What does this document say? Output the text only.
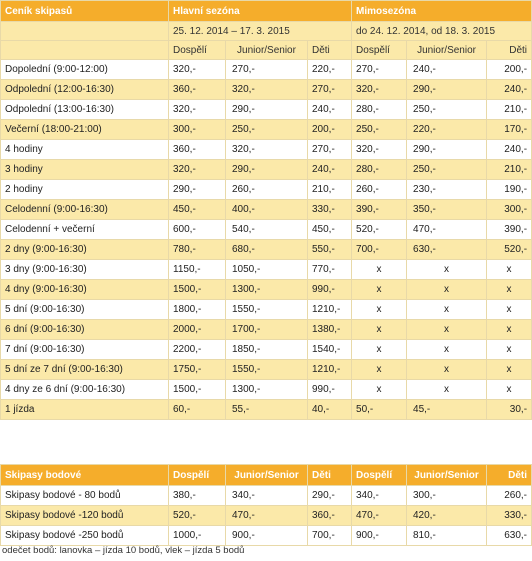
Ceník skipasů	Hlavní sezóna			Mimosezóna		
	25. 12. 2014 – 17. 3. 2015			do 24. 12. 2014, od 18. 3. 2015		
	Dospělí	Junior/Senior	Děti	Dospělí	Junior/Senior	Děti
Dopolední (9:00-12:00)	320,-	270,-	220,-	270,-	240,-	200,-
Odpolední (12:00-16:30)	360,-	320,-	270,-	320,-	290,-	240,-
Odpolední (13:00-16:30)	320,-	290,-	240,-	280,-	250,-	210,-
Večerní (18:00-21:00)	300,-	250,-	200,-	250,-	220,-	170,-
4 hodiny	360,-	320,-	270,-	320,-	290,-	240,-
3 hodiny	320,-	290,-	240,-	280,-	250,-	210,-
2 hodiny	290,-	260,-	210,-	260,-	230,-	190,-
Celodenní (9:00-16:30)	450,-	400,-	330,-	390,-	350,-	300,-
Celodenní + večerní	600,-	540,-	450,-	520,-	470,-	390,-
2 dny (9:00-16:30)	780,-	680,-	550,-	700,-	630,-	520,-
3 dny (9:00-16:30)	1150,-	1050,-	770,-	x	x	x
4 dny (9:00-16:30)	1500,-	1300,-	990,-	x	x	x
5 dní (9:00-16:30)	1800,-	1550,-	1210,-	x	x	x
6 dní (9:00-16:30)	2000,-	1700,-	1380,-	x	x	x
7 dní (9:00-16:30)	2200,-	1850,-	1540,-	x	x	x
5 dní ze 7 dní (9:00-16:30)	1750,-	1550,-	1210,-	x	x	x
4 dny ze 6 dní (9:00-16:30)	1500,-	1300,-	990,-	x	x	x
1 jízda	60,-	55,-	40,-	50,-	45,-	30,-
Skipasy bodové	Dospělí	Junior/Senior	Děti	Dospělí	Junior/Senior	Děti
Skipasy bodové - 80 bodů	380,-	340,-	290,-	340,-	300,-	260,-
Skipasy bodové -120 bodů	520,-	470,-	360,-	470,-	420,-	330,-
Skipasy bodové -250 bodů	1000,-	900,-	700,-	900,-	810,-	630,-
odečet bodů: lanovka – jízda 10 bodů, vlek – jízda 5 bodů
